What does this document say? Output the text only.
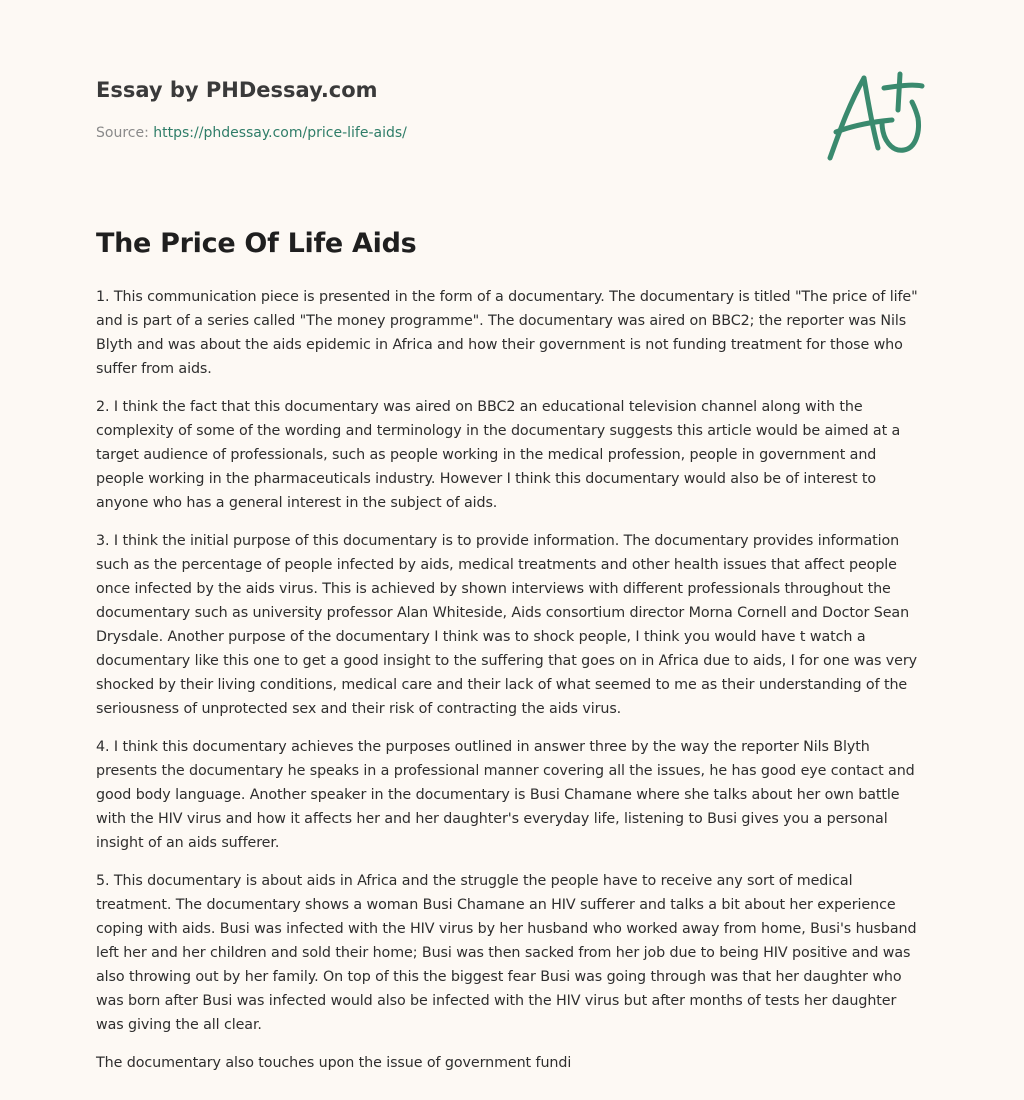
Essay by PHDessay.com
Source: https://phdessay.com/price-life-aids/
The Price Of Life Aids

1. This communication piece is presented in the form of a documentary. The documentary is titled "The price of life" and is part of a series called "The money programme". The documentary was aired on BBC2; the reporter was Nils Blyth and was about the aids epidemic in Africa and how their government is not funding treatment for those who suffer from aids.

2. I think the fact that this documentary was aired on BBC2 an educational television channel along with the complexity of some of the wording and terminology in the documentary suggests this article would be aimed at a target audience of professionals, such as people working in the medical profession, people in government and people working in the pharmaceuticals industry. However I think this documentary would also be of interest to anyone who has a general interest in the subject of aids.

3. I think the initial purpose of this documentary is to provide information. The documentary provides information such as the percentage of people infected by aids, medical treatments and other health issues that affect people once infected by the aids virus. This is achieved by shown interviews with different professionals throughout the documentary such as university professor Alan Whiteside, Aids consortium director Morna Cornell and Doctor Sean Drysdale. Another purpose of the documentary I think was to shock people, I think you would have t watch a documentary like this one to get a good insight to the suffering that goes on in Africa due to aids, I for one was very shocked by their living conditions, medical care and their lack of what seemed to me as their understanding of the seriousness of unprotected sex and their risk of contracting the aids virus.

4. I think this documentary achieves the purposes outlined in answer three by the way the reporter Nils Blyth presents the documentary he speaks in a professional manner covering all the issues, he has good eye contact and good body language. Another speaker in the documentary is Busi Chamane where she talks about her own battle with the HIV virus and how it affects her and her daughter's everyday life, listening to Busi gives you a personal insight of an aids sufferer.

5. This documentary is about aids in Africa and the struggle the people have to receive any sort of medical treatment. The documentary shows a woman Busi Chamane an HIV sufferer and talks a bit about her experience coping with aids. Busi was infected with the HIV virus by her husband who worked away from home, Busi's husband left her and her children and sold their home; Busi was then sacked from her job due to being HIV positive and was also throwing out by her family. On top of this the biggest fear Busi was going through was that her daughter who was born after Busi was infected would also be infected with the HIV virus but after months of tests her daughter was giving the all clear.

The documentary also touches upon the issue of government fundi
